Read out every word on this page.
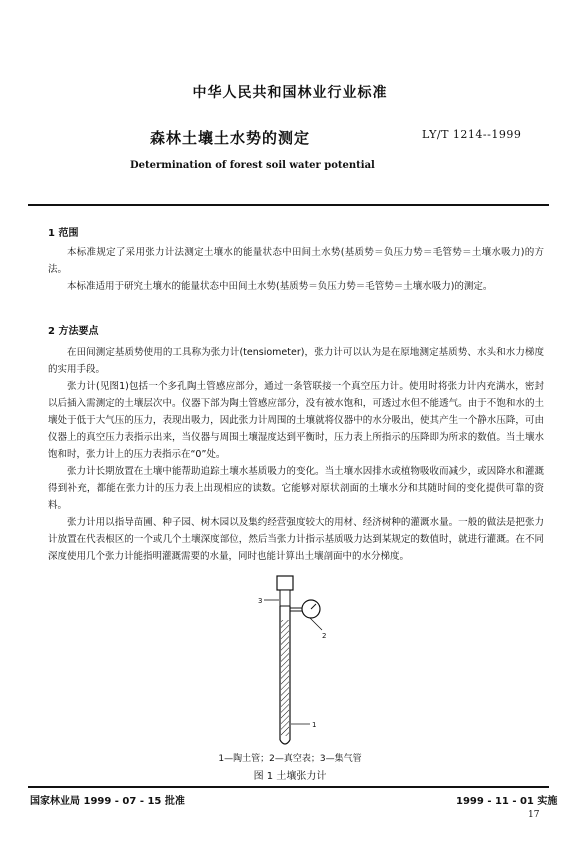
中华人民共和国林业行业标准
森林土壤土水势的测定	LY/T 1214--1999
Determination of forest soil water potential
1 范围

本标准规定了采用张力计法测定土壤水的能量状态中田间土水势(基质势＝负压力势＝毛管势＝土壤水吸力)的方法。

本标准适用于研究土壤水的能量状态中田间土水势(基质势＝负压力势＝毛管势＝土壤水吸力)的测定。

2 方法要点

在田间测定基质势使用的工具称为张力计(tensiometer)，张力计可以认为是在原地测定基质势、水头和水力梯度的实用手段。

张力计(见图1)包括一个多孔陶土管感应部分，通过一条管联接一个真空压力计。使用时将张力计内充满水，密封以后插入需测定的土壤层次中。仪器下部为陶土管感应部分，没有被水饱和，可透过水但不能透气。由于不饱和水的土壤处于低于大气压的压力，表现出吸力，因此张力计周围的土壤就将仪器中的水分吸出，使其产生一个静水压降，可由仪器上的真空压力表指示出来，当仪器与周围土壤湿度达到平衡时，压力表上所指示的压降即为所求的数值。当土壤水饱和时，张力计上的压力表指示在“0”处。

张力计长期放置在土壤中能帮助追踪土壤水基质吸力的变化。当土壤水因排水或植物吸收而减少，或因降水和灌溉得到补充，都能在张力计的压力表上出现相应的读数。它能够对原状剖面的土壤水分和其随时间的变化提供可靠的资料。

张力计用以指导苗圃、种子园、树木园以及集约经营强度较大的用材、经济树种的灌溉水量。一般的做法是把张力计放置在代表根区的一个或几个土壤深度部位，然后当张力计指示基质吸力达到某规定的数值时，就进行灌溉。在不同深度使用几个张力计能指明灌溉需要的水量，同时也能计算出土壤剖面中的水分梯度。

3
2
1
1—陶土管；2—真空表；3—集气管
图 1 土壤张力计
国家林业局 1999 - 07 - 15 批准	1999 - 11 - 01 实施
17
